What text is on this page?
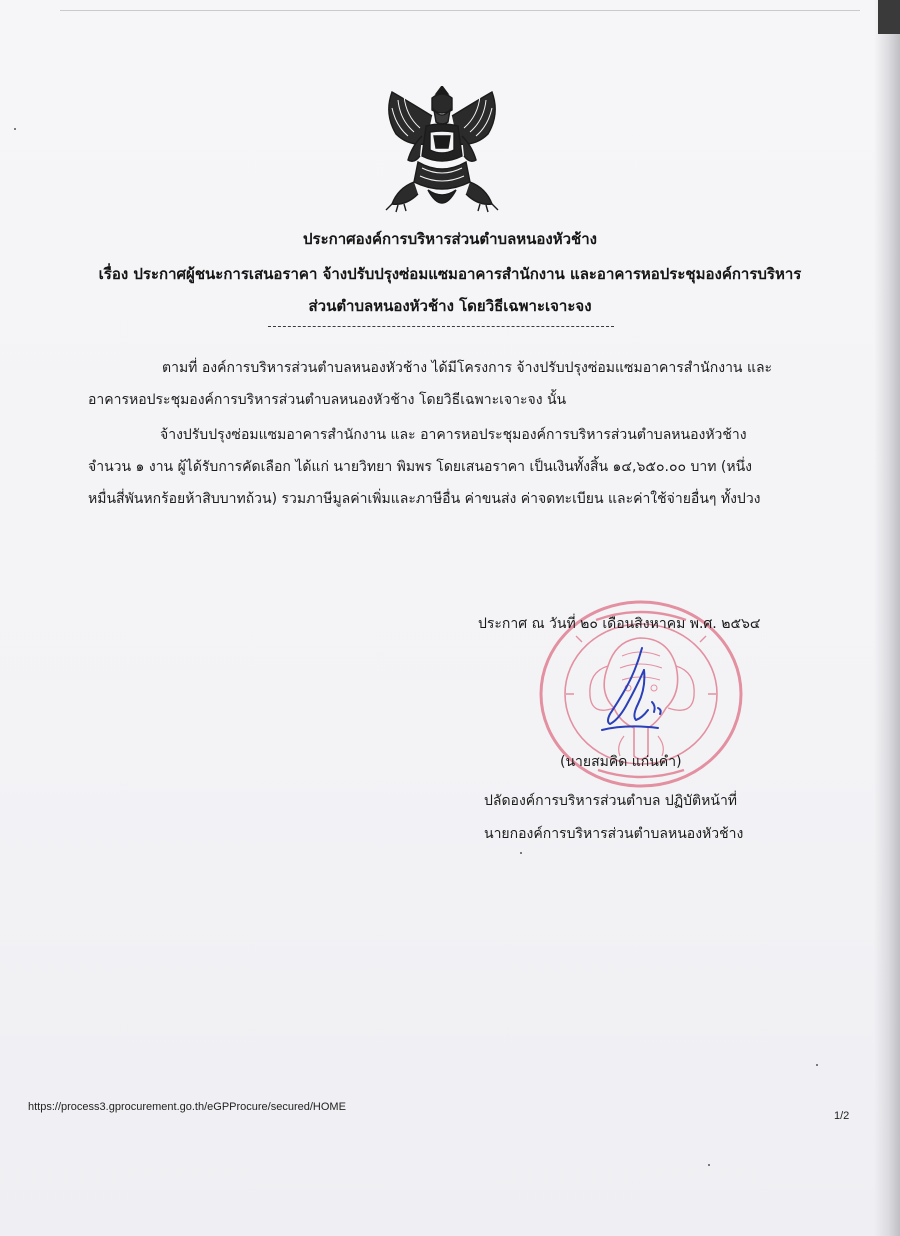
ประกาศองค์การบริหารส่วนตำบลหนองหัวช้าง
เรื่อง ประกาศผู้ชนะการเสนอราคา จ้างปรับปรุงซ่อมแซมอาคารสำนักงาน และอาคารหอประชุมองค์การบริหาร
ส่วนตำบลหนองหัวช้าง โดยวิธีเฉพาะเจาะจง
ตามที่ องค์การบริหารส่วนตำบลหนองหัวช้าง ได้มีโครงการ จ้างปรับปรุงซ่อมแซมอาคารสำนักงาน และ
อาคารหอประชุมองค์การบริหารส่วนตำบลหนองหัวช้าง โดยวิธีเฉพาะเจาะจง นั้น
จ้างปรับปรุงซ่อมแซมอาคารสำนักงาน และ อาคารหอประชุมองค์การบริหารส่วนตำบลหนองหัวช้าง
จำนวน ๑ งาน ผู้ได้รับการคัดเลือก ได้แก่ นายวิทยา พิมพร โดยเสนอราคา เป็นเงินทั้งสิ้น ๑๔,๖๕๐.๐๐ บาท (หนึ่ง
หมื่นสี่พันหกร้อยห้าสิบบาทถ้วน) รวมภาษีมูลค่าเพิ่มและภาษีอื่น ค่าขนส่ง ค่าจดทะเบียน และค่าใช้จ่ายอื่นๆ ทั้งปวง
ประกาศ ณ วันที่ ๒๐ เดือนสิงหาคม พ.ศ. ๒๕๖๔
(นายสมคิด แก่นคำ)
ปลัดองค์การบริหารส่วนตำบล ปฏิบัติหน้าที่
นายกองค์การบริหารส่วนตำบลหนองหัวช้าง
https://process3.gprocurement.go.th/eGPProcure/secured/HOME
1/2
